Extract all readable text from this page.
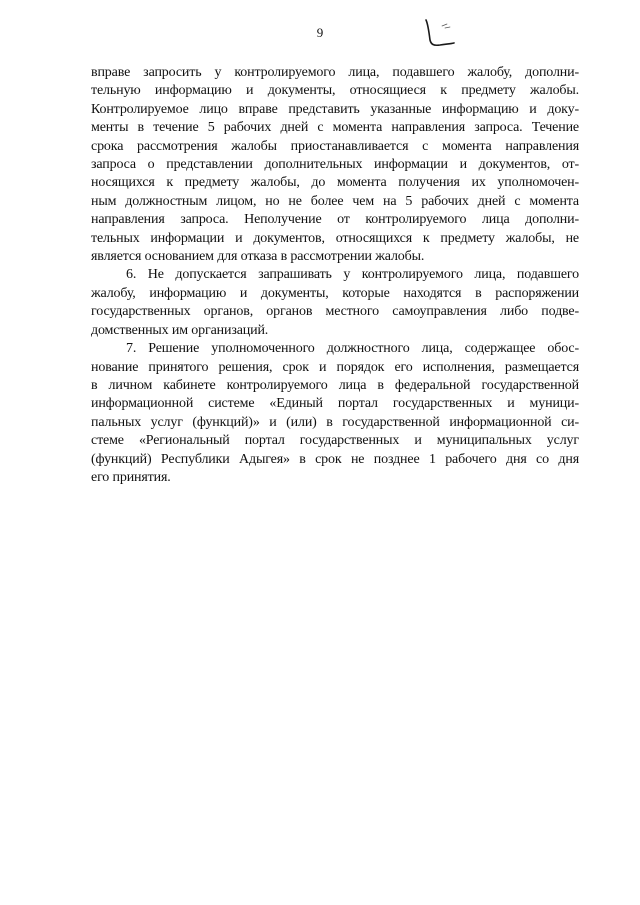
9
вправе запросить у контролируемого лица, подавшего жалобу, дополни-
тельную информацию и документы, относящиеся к предмету жалобы.
Контролируемое лицо вправе представить указанные информацию и доку-
менты в течение 5 рабочих дней с момента направления запроса. Течение
срока рассмотрения жалобы приостанавливается с момента направления
запроса о представлении дополнительных информации и документов, от-
носящихся к предмету жалобы, до момента получения их уполномочен-
ным должностным лицом, но не более чем на 5 рабочих дней с момента
направления запроса. Неполучение от контролируемого лица дополни-
тельных информации и документов, относящихся к предмету жалобы, не
является основанием для отказа в рассмотрении жалобы.
6. Не допускается запрашивать у контролируемого лица, подавшего
жалобу, информацию и документы, которые находятся в распоряжении
государственных органов, органов местного самоуправления либо подве-
домственных им организаций.
7. Решение уполномоченного должностного лица, содержащее обос-
нование принятого решения, срок и порядок его исполнения, размещается
в личном кабинете контролируемого лица в федеральной государственной
информационной системе «Единый портал государственных и муници-
пальных услуг (функций)» и (или) в государственной информационной си-
стеме «Региональный портал государственных и муниципальных услуг
(функций) Республики Адыгея» в срок не позднее 1 рабочего дня со дня
его принятия.
